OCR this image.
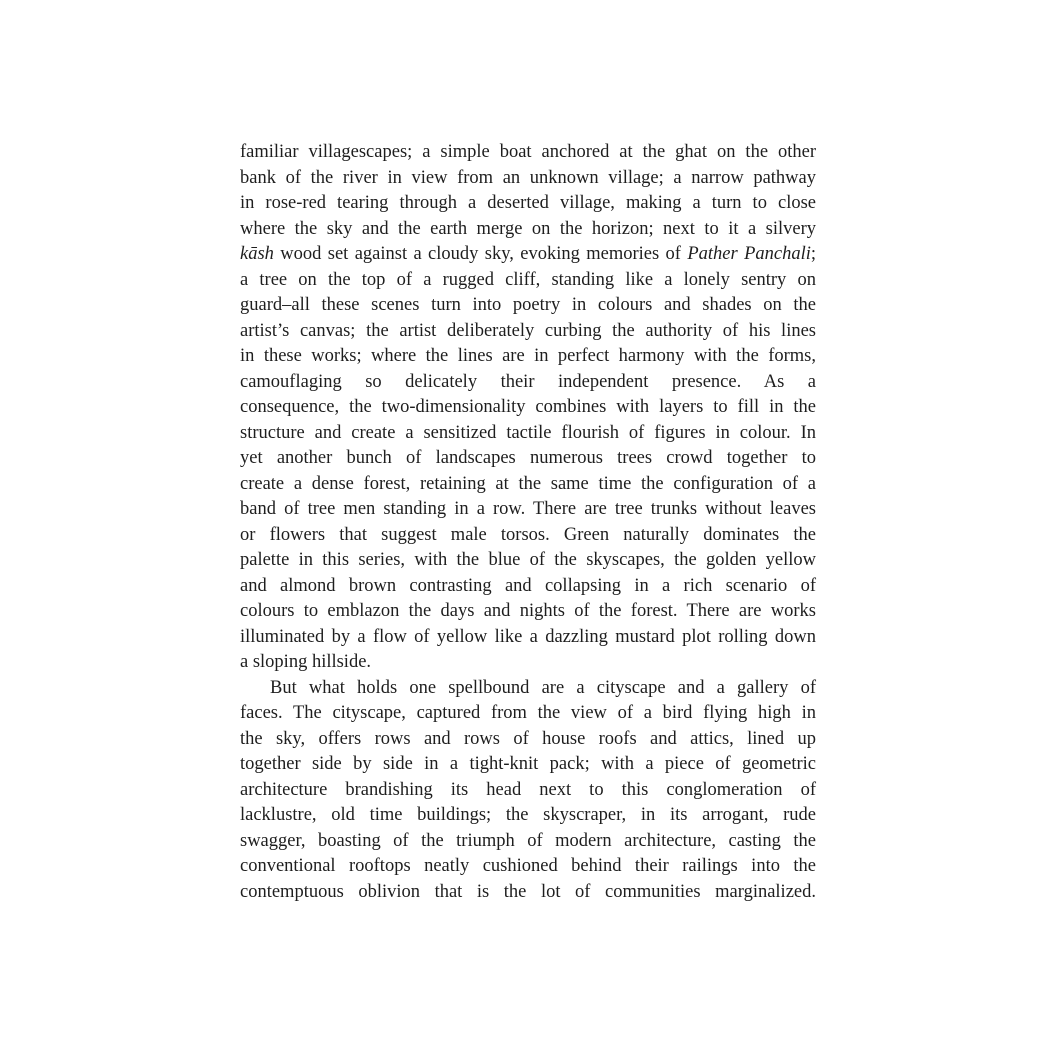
familiar villagescapes; a simple boat anchored at the ghat on the other
bank of the river in view from an unknown village; a narrow pathway
in rose-red tearing through a deserted village, making a turn to close
where the sky and the earth merge on the horizon; next to it a silvery
kāsh wood set against a cloudy sky, evoking memories of Pather Panchali;
a tree on the top of a rugged cliff, standing like a lonely sentry on
guard–all these scenes turn into poetry in colours and shades on the
artist’s canvas; the artist deliberately curbing the authority of his lines
in these works; where the lines are in perfect harmony with the forms,
camouflaging so delicately their independent presence. As a
consequence, the two-dimensionality combines with layers to fill in the
structure and create a sensitized tactile flourish of figures in colour. In
yet another bunch of landscapes numerous trees crowd together to
create a dense forest, retaining at the same time the configuration of a
band of tree men standing in a row. There are tree trunks without leaves
or flowers that suggest male torsos. Green naturally dominates the
palette in this series, with the blue of the skyscapes, the golden yellow
and almond brown contrasting and collapsing in a rich scenario of
colours to emblazon the days and nights of the forest. There are works
illuminated by a flow of yellow like a dazzling mustard plot rolling down
a sloping hillside.
But what holds one spellbound are a cityscape and a gallery of
faces. The cityscape, captured from the view of a bird flying high in
the sky, offers rows and rows of house roofs and attics, lined up
together side by side in a tight-knit pack; with a piece of geometric
architecture brandishing its head next to this conglomeration of
lacklustre, old time buildings; the skyscraper, in its arrogant, rude
swagger, boasting of the triumph of modern architecture, casting the
conventional rooftops neatly cushioned behind their railings into the
contemptuous oblivion that is the lot of communities marginalized.
